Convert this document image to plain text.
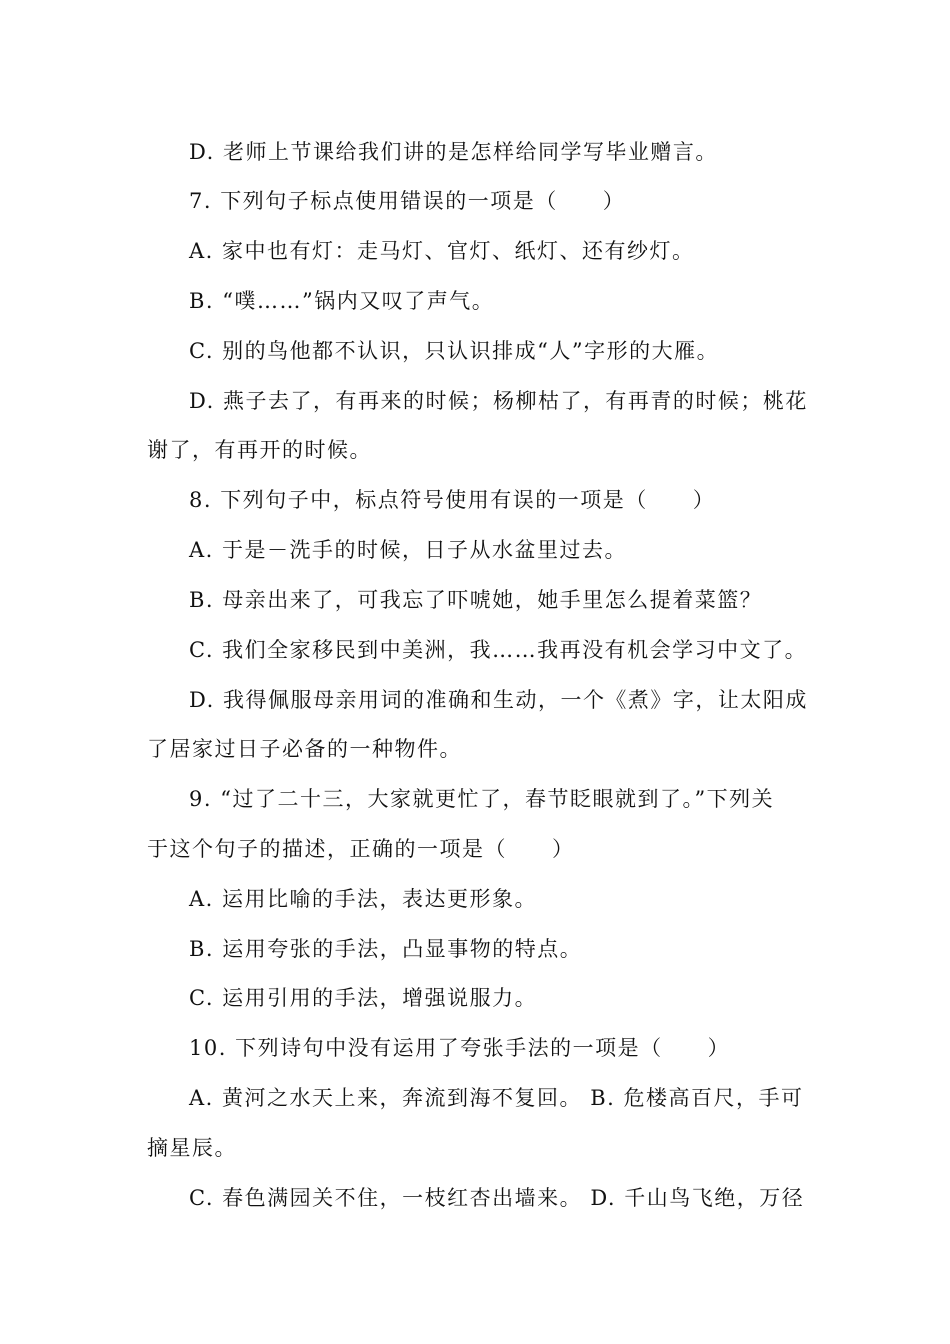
D. 老师上节课给我们讲的是怎样给同学写毕业赠言。
7. 下列句子标点使用错误的一项是（　　）
A. 家中也有灯：走马灯、官灯、纸灯、还有纱灯。
B. “噗……”锅内又叹了声气。
C. 别的鸟他都不认识，只认识排成“人”字形的大雁。
D. 燕子去了，有再来的时候；杨柳枯了，有再青的时候；桃花
谢了，有再开的时候。
8. 下列句子中，标点符号使用有误的一项是（　　）
A. 于是－洗手的时候，日子从水盆里过去。
B. 母亲出来了，可我忘了吓唬她，她手里怎么提着菜篮？
C. 我们全家移民到中美洲，我……我再没有机会学习中文了。
D. 我得佩服母亲用词的准确和生动，一个《煮》字，让太阳成
了居家过日子必备的一种物件。
9. “过了二十三，大家就更忙了，春节眨眼就到了。”下列关
于这个句子的描述，正确的一项是（　　）
A. 运用比喻的手法，表达更形象。
B. 运用夸张的手法，凸显事物的特点。
C. 运用引用的手法，增强说服力。
10. 下列诗句中没有运用了夸张手法的一项是（　　）
A. 黄河之水天上来，奔流到海不复回。 B. 危楼高百尺，手可
摘星辰。
C. 春色满园关不住，一枝红杏出墙来。 D. 千山鸟飞绝，万径
